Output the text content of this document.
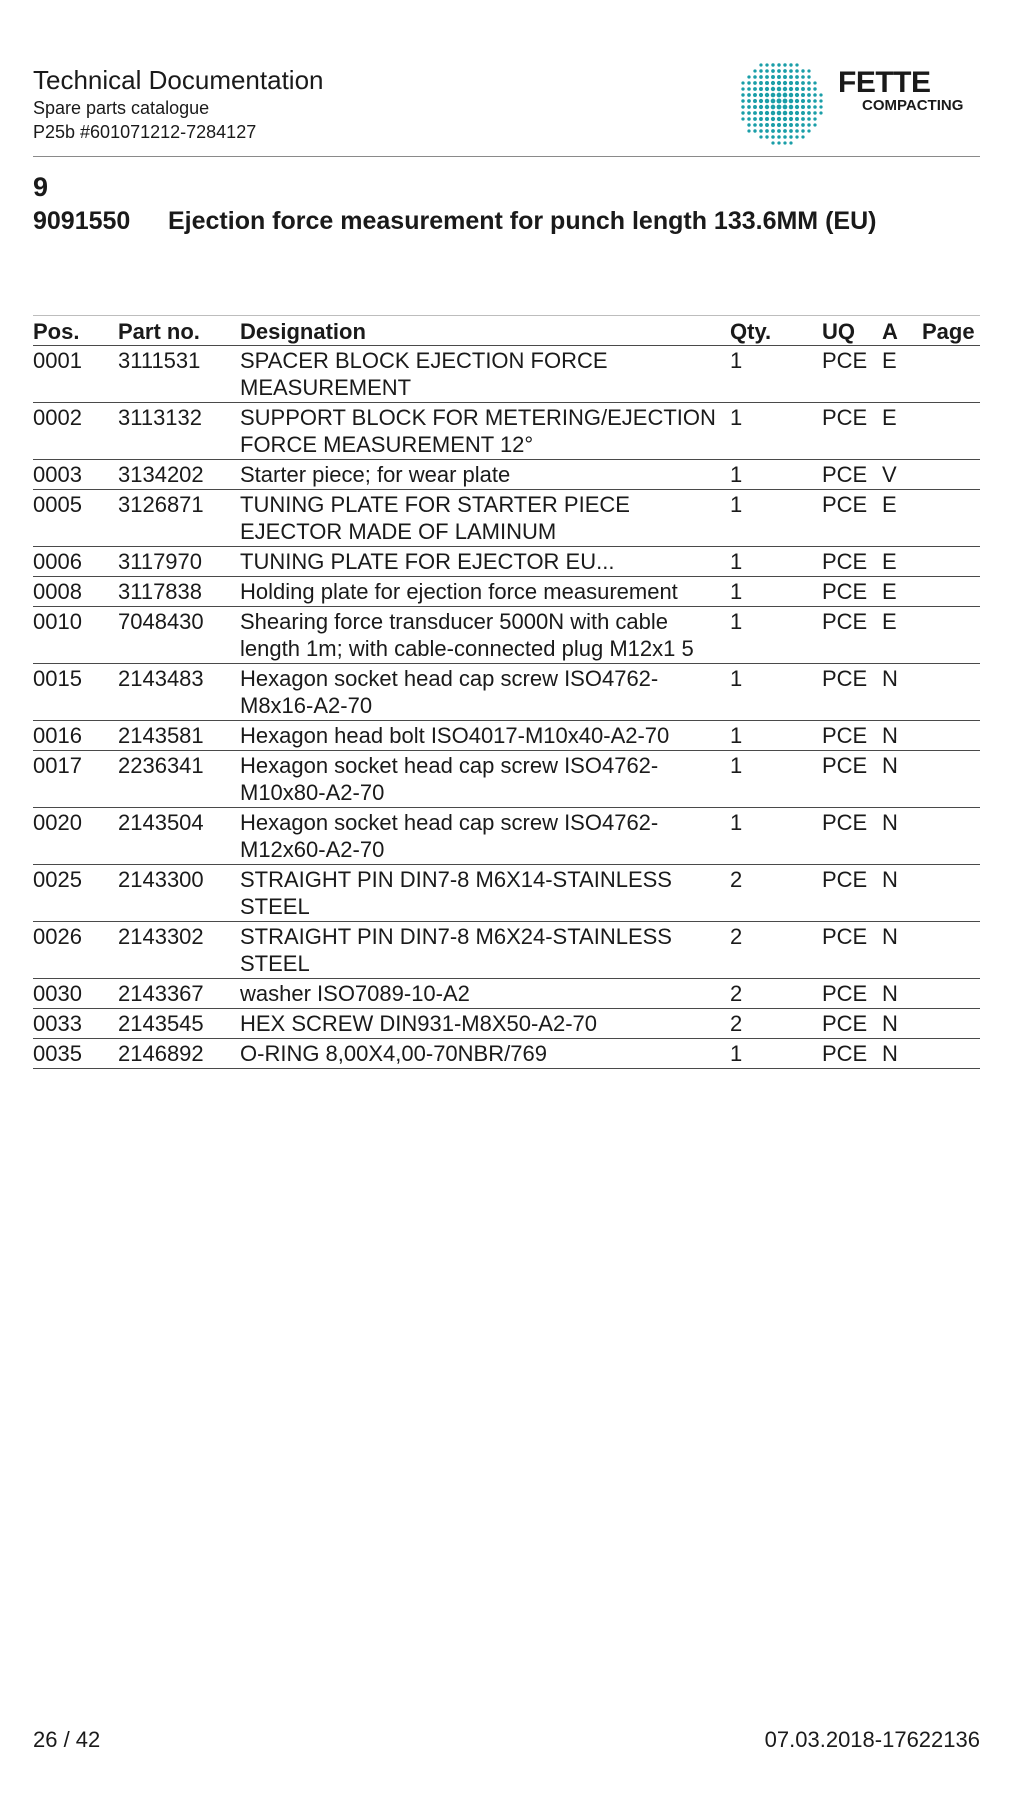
Technical Documentation
Spare parts catalogue
P25b #601071212-7284127
FETTE
COMPACTING
9
9091550 Ejection force measurement for punch length 133.6MM (EU)
Pos.	Part no.	Designation	Qty.	UQ	A	Page
0001	3111531	SPACER BLOCK EJECTION FORCE MEASUREMENT	1	PCE	E	
0002	3113132	SUPPORT BLOCK FOR METERING/EJECTION FORCE MEASUREMENT 12°	1	PCE	E	
0003	3134202	Starter piece; for wear plate	1	PCE	V	
0005	3126871	TUNING PLATE FOR STARTER PIECE EJECTOR MADE OF LAMINUM	1	PCE	E	
0006	3117970	TUNING PLATE FOR EJECTOR EU...	1	PCE	E	
0008	3117838	Holding plate for ejection force measurement	1	PCE	E	
0010	7048430	Shearing force transducer 5000N with cable length 1m; with cable-connected plug M12x1 5	1	PCE	E	
0015	2143483	Hexagon socket head cap screw ISO4762-M8x16-A2-70	1	PCE	N	
0016	2143581	Hexagon head bolt ISO4017-M10x40-A2-70	1	PCE	N	
0017	2236341	Hexagon socket head cap screw ISO4762-M10x80-A2-70	1	PCE	N	
0020	2143504	Hexagon socket head cap screw ISO4762-M12x60-A2-70	1	PCE	N	
0025	2143300	STRAIGHT PIN DIN7-8 M6X14-STAINLESS STEEL	2	PCE	N	
0026	2143302	STRAIGHT PIN DIN7-8 M6X24-STAINLESS STEEL	2	PCE	N	
0030	2143367	washer ISO7089-10-A2	2	PCE	N	
0033	2143545	HEX SCREW DIN931-M8X50-A2-70	2	PCE	N	
0035	2146892	O-RING 8,00X4,00-70NBR/769	1	PCE	N	
26 / 42	07.03.2018-17622136
